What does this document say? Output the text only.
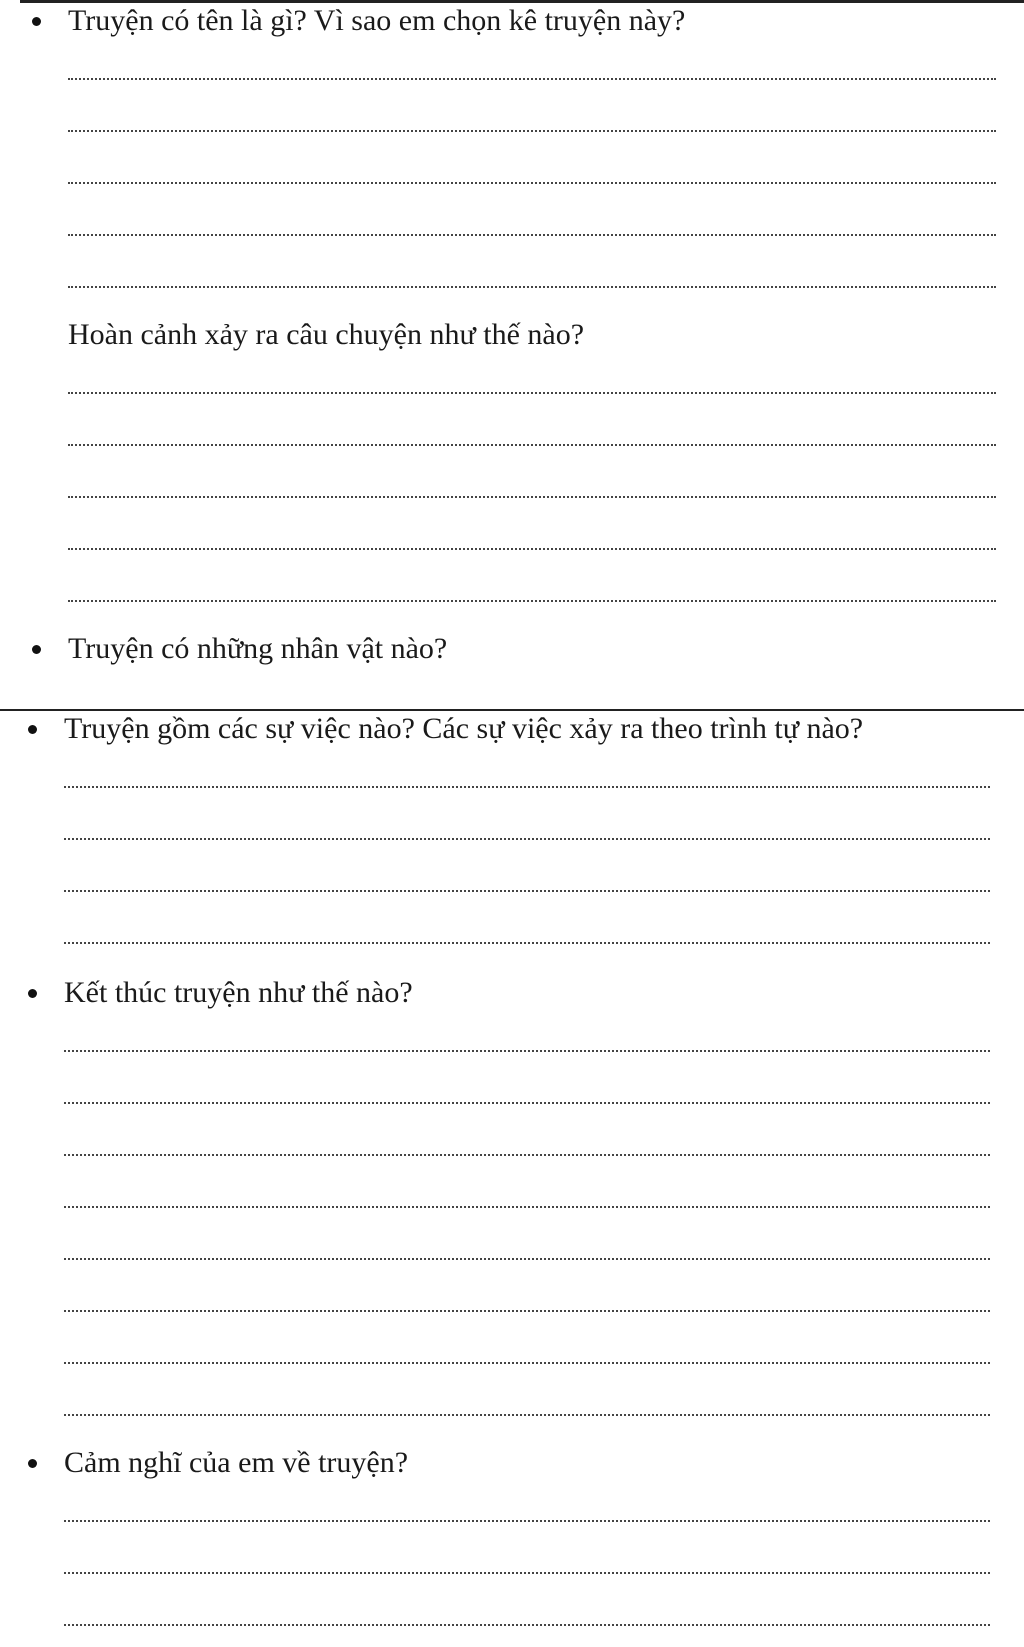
Truyện có tên là gì? Vì sao em chọn kê truyện này?
Hoàn cảnh xảy ra câu chuyện như thế nào?
Truyện có những nhân vật nào?
Truyện gồm các sự việc nào? Các sự việc xảy ra theo trình tự nào?
Kết thúc truyện như thế nào?
Cảm nghĩ của em về truyện?
